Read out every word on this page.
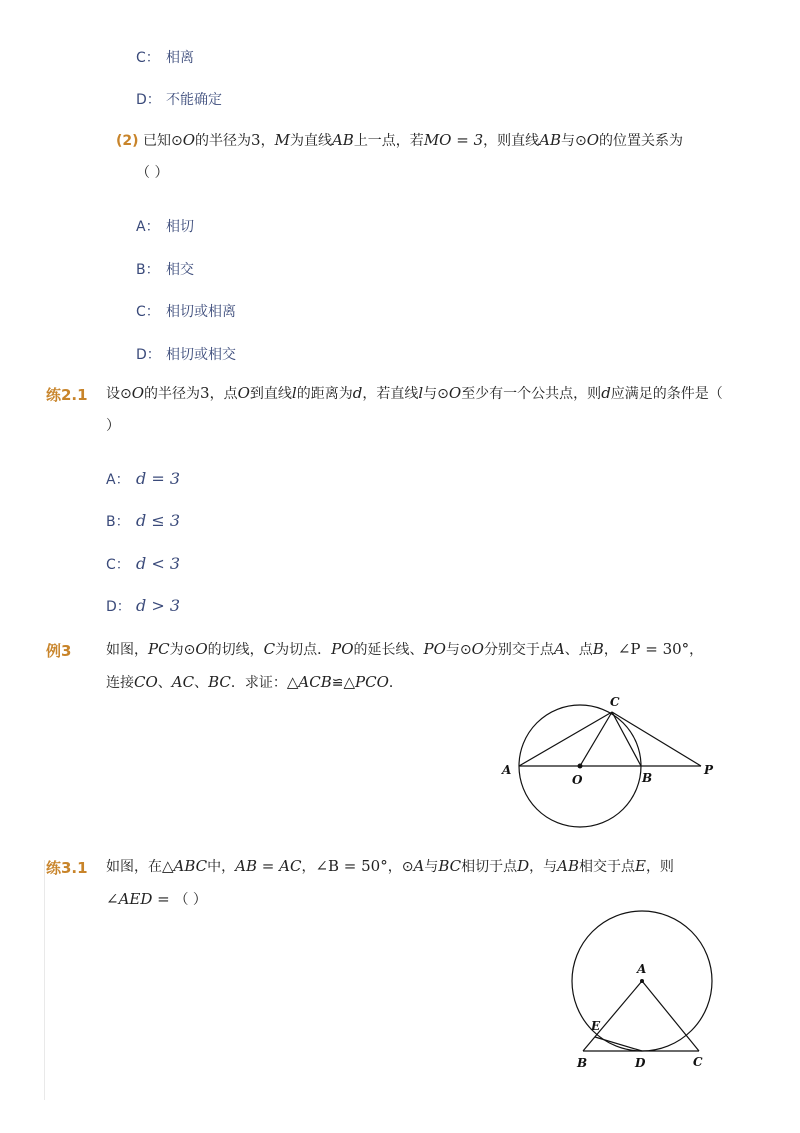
C： 相离
D： 不能确定
(2) 已知⊙O的半径为3，M为直线AB上一点，若MO = 3，则直线AB与⊙O的位置关系为
（ ）
A： 相切
B： 相交
C： 相切或相离
D： 相切或相交
练2.1 设⊙O的半径为3，点O到直线l的距离为d，若直线l与⊙O至少有一个公共点，则d应满足的条件是（ ）
A： d = 3
B： d ≤ 3
C： d < 3
D： d > 3
例3 如图，PC为⊙O的切线，C为切点．PO的延长线、PO与⊙O分别交于点A、点B，∠P = 30°，
连接CO、AC、BC．求证：△ACB≌△PCO．
A
O	B
P
C
练3.1 如图，在△ABC中，AB = AC，∠B = 50°，⊙A与BC相切于点D，与AB相交于点E，则
∠AED = （ ）
A
E
B	D	C
